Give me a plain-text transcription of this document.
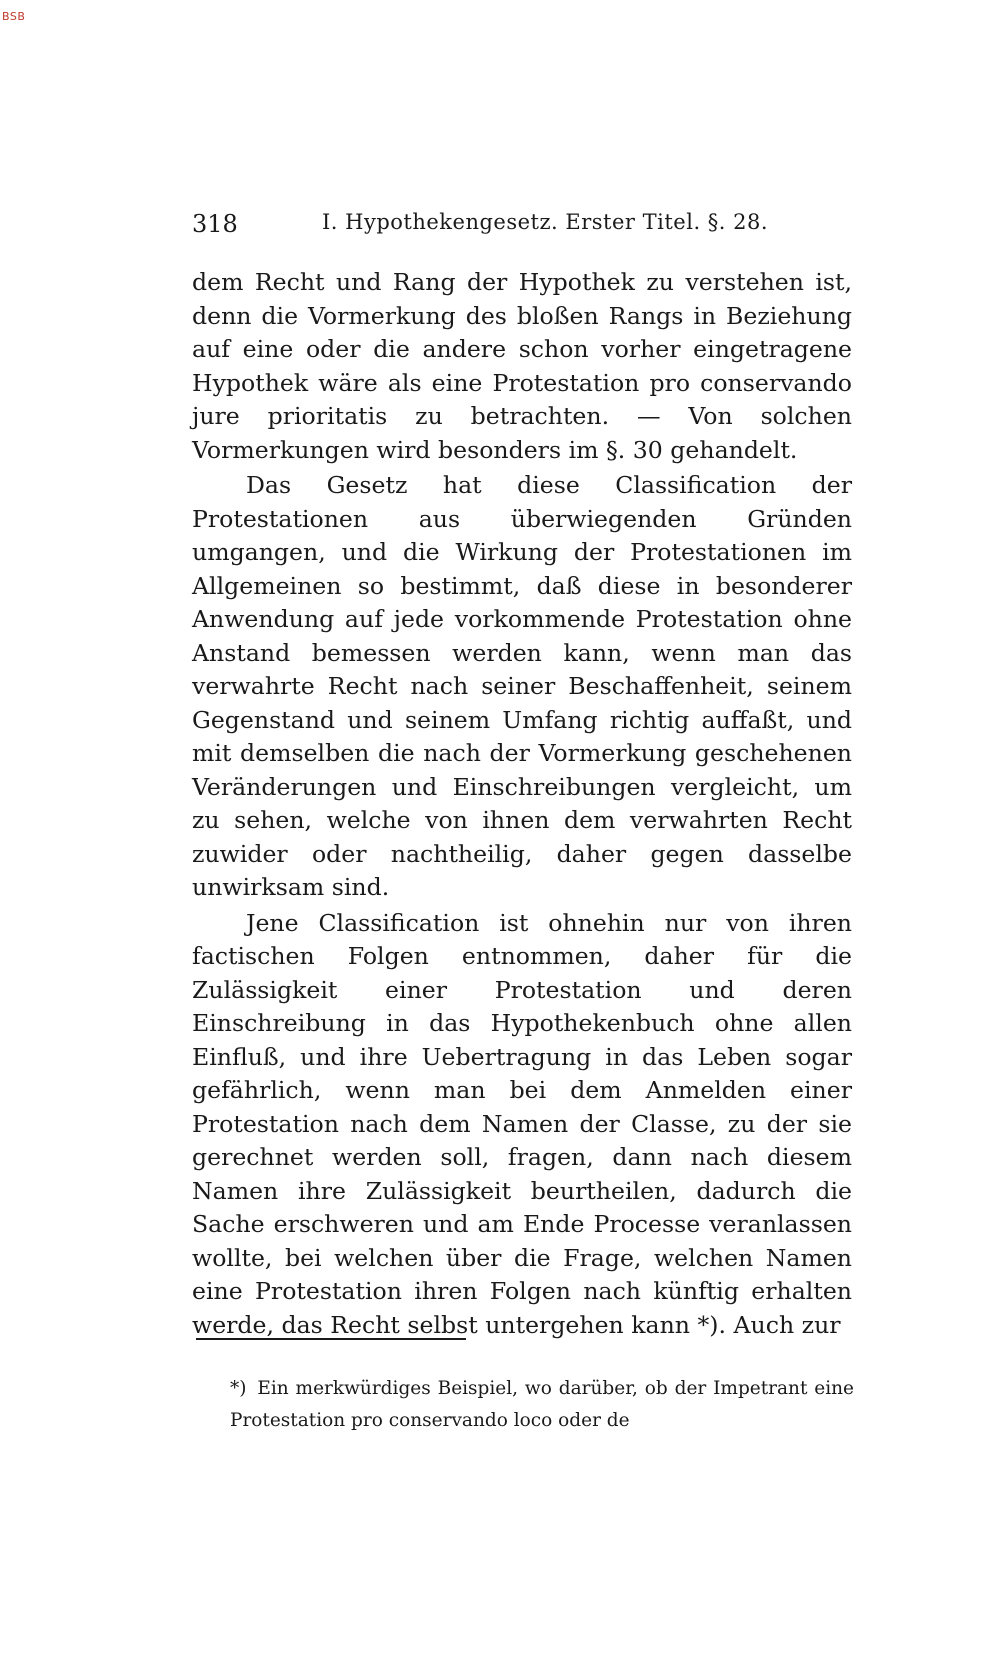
BSB
318	I. Hypothekengesetz. Erster Titel. §. 28.

dem Recht und Rang der Hypothek zu verstehen ist, denn die Vormerkung des bloßen Rangs in Beziehung auf eine oder die andere schon vorher eingetragene Hypothek wäre als eine Protestation pro conservando jure prioritatis zu betrachten. — Von solchen Vormerkungen wird besonders im §. 30 gehandelt.

Das Gesetz hat diese Classification der Protestationen aus überwiegenden Gründen umgangen, und die Wirkung der Protestationen im Allgemeinen so bestimmt, daß diese in besonderer Anwendung auf jede vorkommende Protestation ohne Anstand bemessen werden kann, wenn man das verwahrte Recht nach seiner Beschaffenheit, seinem Gegenstand und seinem Umfang richtig auffaßt, und mit demselben die nach der Vormerkung geschehenen Veränderungen und Einschreibungen vergleicht, um zu sehen, welche von ihnen dem verwahrten Recht zuwider oder nachtheilig, daher gegen dasselbe unwirksam sind.

Jene Classification ist ohnehin nur von ihren factischen Folgen entnommen, daher für die Zulässigkeit einer Protestation und deren Einschreibung in das Hypothekenbuch ohne allen Einfluß, und ihre Uebertragung in das Leben sogar gefährlich, wenn man bei dem Anmelden einer Protestation nach dem Namen der Classe, zu der sie gerechnet werden soll, fragen, dann nach diesem Namen ihre Zulässigkeit beurtheilen, dadurch die Sache erschweren und am Ende Processe veranlassen wollte, bei welchen über die Frage, welchen Namen eine Protestation ihren Folgen nach künftig erhalten werde, das Recht selbst untergehen kann *). Auch zur

*) Ein merkwürdiges Beispiel, wo darüber, ob der Impetrant eine Protestation pro conservando loco oder de
